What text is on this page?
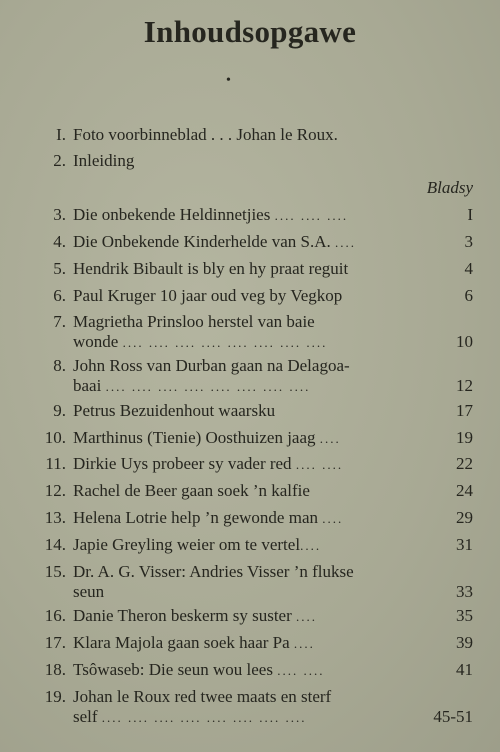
Inhoudsopgawe
•
Bladsy
I. Foto voorbinneblad . . . Johan le Roux.
2. Inleiding
3. Die onbekende Heldinnetjies .... .... ....	I
4. Die Onbekende Kinderhelde van S.A. ....	3
5. Hendrik Bibault is bly en hy praat reguit	4
6. Paul Kruger 10 jaar oud veg by Vegkop	6
7. Magrietha Prinsloo herstel van baie
wonde .... .... .... .... .... .... .... ....	10
8. John Ross van Durban gaan na Delagoa-
baai .... .... .... .... .... .... .... ....	12
9. Petrus Bezuidenhout waarsku	17
10. Marthinus (Tienie) Oosthuizen jaag ....	19
11. Dirkie Uys probeer sy vader red .... ....	22
12. Rachel de Beer gaan soek ’n kalfie	24
13. Helena Lotrie help ’n gewonde man ....	29
14. Japie Greyling weier om te vertel....	31
15. Dr. A. G. Visser: Andries Visser ’n flukse
seun	33
16. Danie Theron beskerm sy suster ....	35
17. Klara Majola gaan soek haar Pa ....	39
18. Tsôwaseb: Die seun wou lees .... ....	41
19. Johan le Roux red twee maats en sterf
self .... .... .... .... .... .... .... ....	45-51
